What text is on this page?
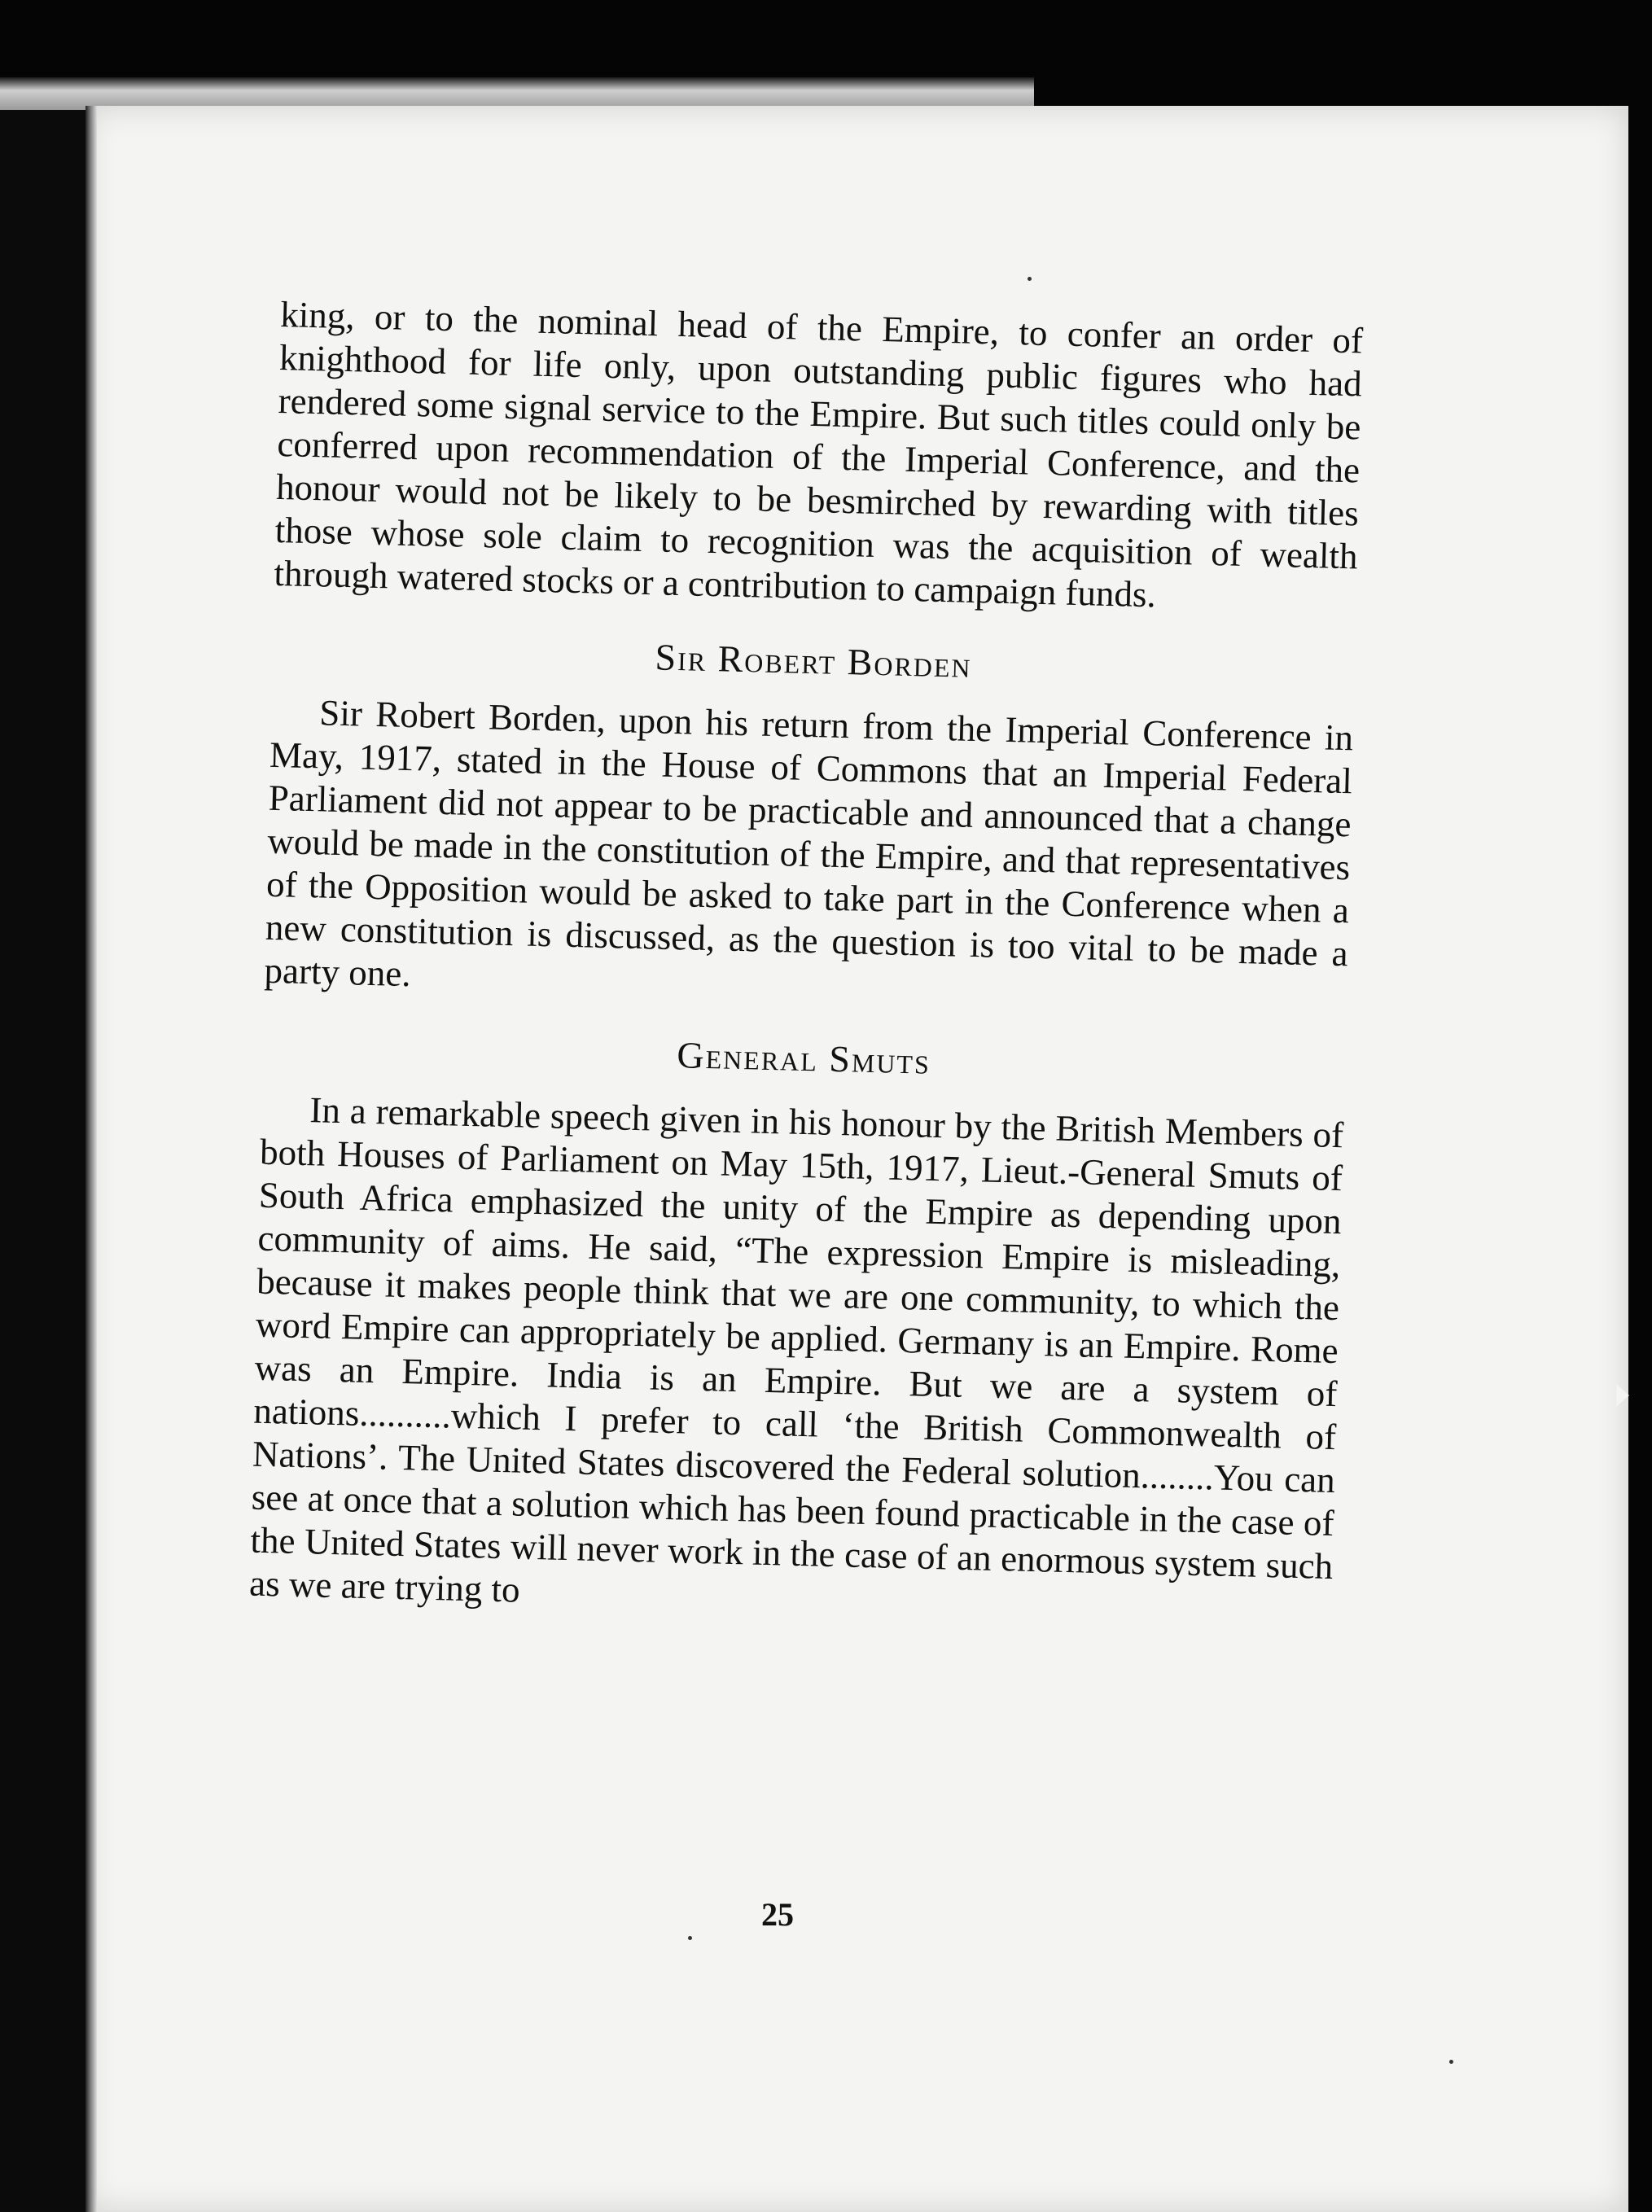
king, or to the nominal head of the Empire, to confer an order of knighthood for life only, upon outstanding public figures who had rendered some signal service to the Empire. But such titles could only be conferred upon recommendation of the Imperial Conference, and the honour would not be likely to be besmirched by rewarding with titles those whose sole claim to recognition was the acquisition of wealth through watered stocks or a contribution to campaign funds.

Sir Robert Borden

Sir Robert Borden, upon his return from the Imperial Conference in May, 1917, stated in the House of Commons that an Imperial Federal Parliament did not appear to be practicable and announced that a change would be made in the constitution of the Empire, and that representatives of the Opposition would be asked to take part in the Conference when a new constitution is discussed, as the question is too vital to be made a party one.

General Smuts

In a remarkable speech given in his honour by the British Members of both Houses of Parliament on May 15th, 1917, Lieut.-General Smuts of South Africa emphasized the unity of the Empire as depending upon community of aims. He said, “The expression Empire is misleading, because it makes people think that we are one community, to which the word Empire can appropriately be applied. Germany is an Empire. Rome was an Empire. India is an Empire. But we are a system of nations..........which I prefer to call ‘the British Commonwealth of Nations’. The United States discovered the Federal solution........You can see at once that a solution which has been found practicable in the case of the United States will never work in the case of an enormous system such as we are trying to

25
